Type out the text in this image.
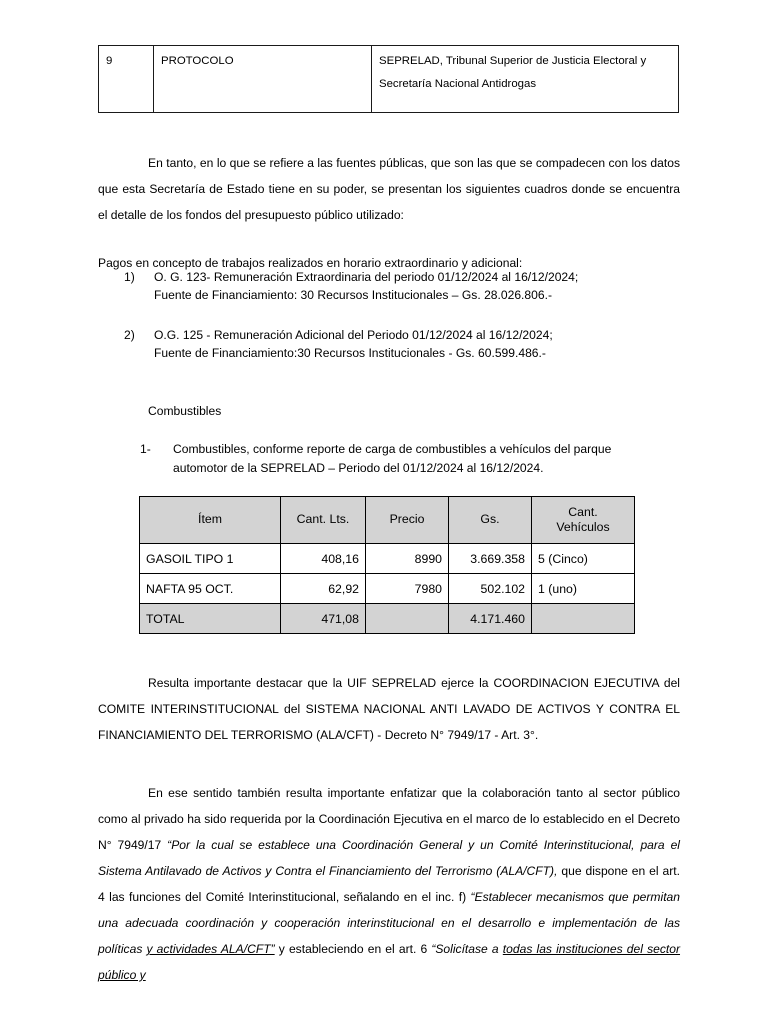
9	PROTOCOLO	SEPRELAD, Tribunal Superior de Justicia Electoral y
Secretaría Nacional Antidrogas

En tanto, en lo que se refiere a las fuentes públicas, que son las que se compadecen con los datos que esta Secretaría de Estado tiene en su poder, se presentan los siguientes cuadros donde se encuentra el detalle de los fondos del presupuesto público utilizado:

Pagos en concepto de trabajos realizados en horario extraordinario y adicional:

1) O. G. 123- Remuneración Extraordinaria del periodo 01/12/2024 al 16/12/2024;
Fuente de Financiamiento: 30 Recursos Institucionales – Gs. 28.026.806.-
2) O.G. 125 - Remuneración Adicional del Periodo 01/12/2024 al 16/12/2024;
Fuente de Financiamiento:30 Recursos Institucionales - Gs. 60.599.486.-
Combustibles
1- Combustibles, conforme reporte de carga de combustibles a vehículos del parque
automotor de la SEPRELAD – Periodo del 01/12/2024 al 16/12/2024.
Ítem	Cant. Lts.	Precio	Gs.	Cant.
Vehículos
GASOIL TIPO 1	408,16	8990	3.669.358	5 (Cinco)
NAFTA 95 OCT.	62,92	7980	502.102	1 (uno)
TOTAL	471,08		4.171.460	

Resulta importante destacar que la UIF SEPRELAD ejerce la COORDINACION EJECUTIVA del COMITE INTERINSTITUCIONAL del SISTEMA NACIONAL ANTI LAVADO DE ACTIVOS Y CONTRA EL FINANCIAMIENTO DEL TERRORISMO (ALA/CFT) - Decreto N° 7949/17 - Art. 3°.

En ese sentido también resulta importante enfatizar que la colaboración tanto al sector público como al privado ha sido requerida por la Coordinación Ejecutiva en el marco de lo establecido en el Decreto N° 7949/17 “Por la cual se establece una Coordinación General y un Comité Interinstitucional, para el Sistema Antilavado de Activos y Contra el Financiamiento del Terrorismo (ALA/CFT), que dispone en el art. 4 las funciones del Comité Interinstitucional, señalando en el inc. f) “Establecer mecanismos que permitan una adecuada coordinación y cooperación interinstitucional en el desarrollo e implementación de las políticas y actividades ALA/CFT” y estableciendo en el art. 6 “Solicítase a todas las instituciones del sector público y
